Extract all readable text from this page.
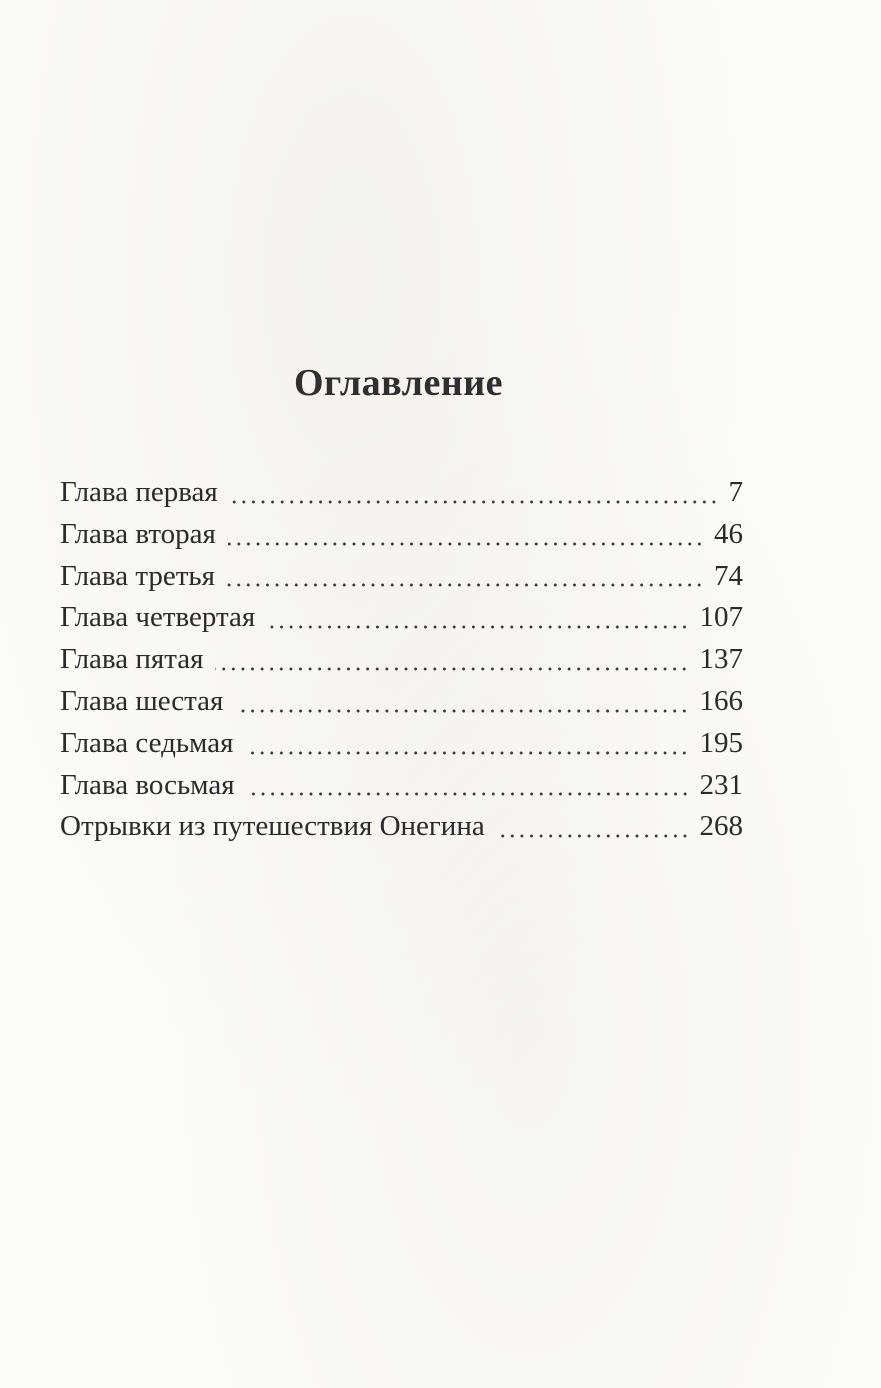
Оглавление
Глава первая	7
Глава вторая	46
Глава третья	74
Глава четвертая	107
Глава пятая	137
Глава шестая	166
Глава седьмая	195
Глава восьмая	231
Отрывки из путешествия Онегина	268
